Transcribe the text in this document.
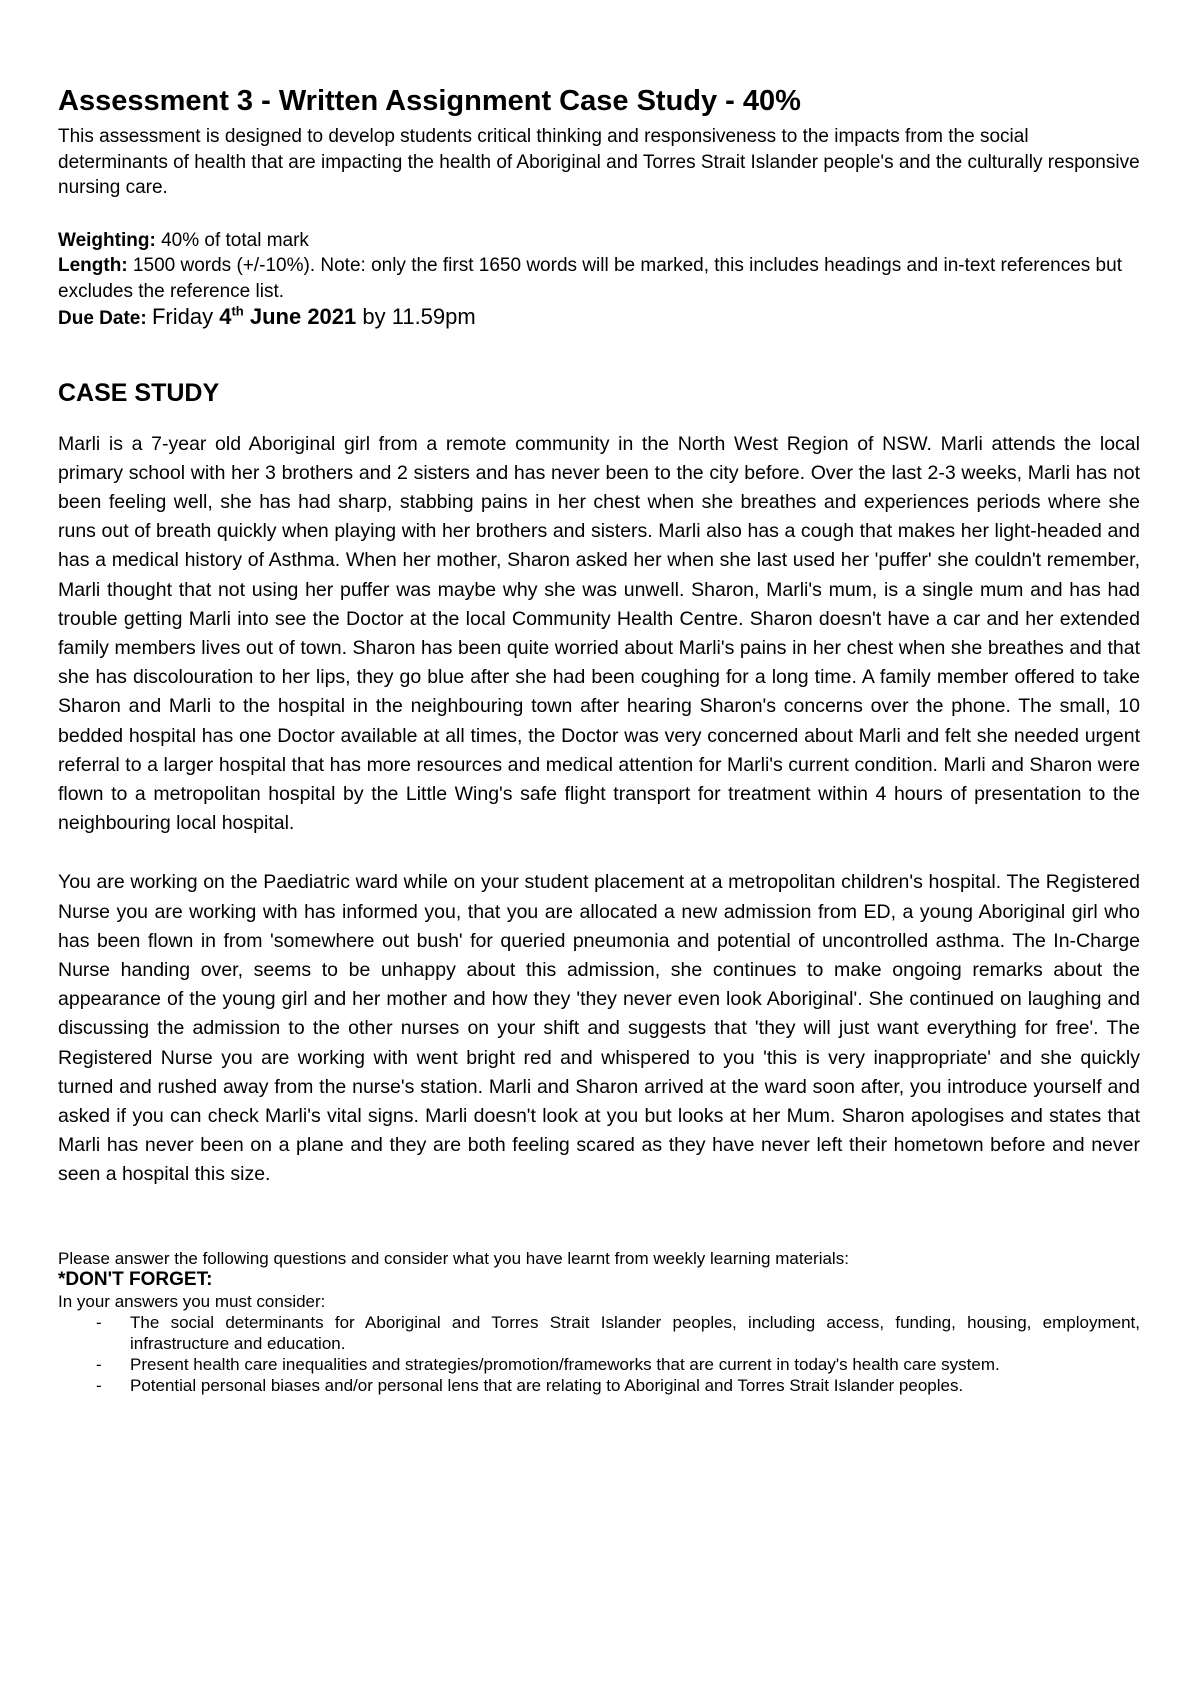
Assessment 3 - Written Assignment Case Study - 40%

This assessment is designed to develop students critical thinking and responsiveness to the impacts from the social determinants of health that are impacting the health of Aboriginal and Torres Strait Islander people's and the culturally responsive nursing care.

Weighting: 40% of total mark
Length: 1500 words (+/-10%). Note: only the first 1650 words will be marked, this includes headings and in-text references but excludes the reference list.
Due Date: Friday 4th June 2021 by 11.59pm
CASE STUDY

Marli is a 7-year old Aboriginal girl from a remote community in the North West Region of NSW. Marli attends the local primary school with her 3 brothers and 2 sisters and has never been to the city before. Over the last 2-3 weeks, Marli has not been feeling well, she has had sharp, stabbing pains in her chest when she breathes and experiences periods where she runs out of breath quickly when playing with her brothers and sisters. Marli also has a cough that makes her light-headed and has a medical history of Asthma. When her mother, Sharon asked her when she last used her 'puffer' she couldn't remember, Marli thought that not using her puffer was maybe why she was unwell. Sharon, Marli's mum, is a single mum and has had trouble getting Marli into see the Doctor at the local Community Health Centre. Sharon doesn't have a car and her extended family members lives out of town. Sharon has been quite worried about Marli's pains in her chest when she breathes and that she has discolouration to her lips, they go blue after she had been coughing for a long time. A family member offered to take Sharon and Marli to the hospital in the neighbouring town after hearing Sharon's concerns over the phone. The small, 10 bedded hospital has one Doctor available at all times, the Doctor was very concerned about Marli and felt she needed urgent referral to a larger hospital that has more resources and medical attention for Marli's current condition. Marli and Sharon were flown to a metropolitan hospital by the Little Wing's safe flight transport for treatment within 4 hours of presentation to the neighbouring local hospital.

You are working on the Paediatric ward while on your student placement at a metropolitan children's hospital. The Registered Nurse you are working with has informed you, that you are allocated a new admission from ED, a young Aboriginal girl who has been flown in from 'somewhere out bush' for queried pneumonia and potential of uncontrolled asthma. The In-Charge Nurse handing over, seems to be unhappy about this admission, she continues to make ongoing remarks about the appearance of the young girl and her mother and how they 'they never even look Aboriginal'. She continued on laughing and discussing the admission to the other nurses on your shift and suggests that 'they will just want everything for free'. The Registered Nurse you are working with went bright red and whispered to you 'this is very inappropriate' and she quickly turned and rushed away from the nurse's station. Marli and Sharon arrived at the ward soon after, you introduce yourself and asked if you can check Marli's vital signs. Marli doesn't look at you but looks at her Mum. Sharon apologises and states that Marli has never been on a plane and they are both feeling scared as they have never left their hometown before and never seen a hospital this size.

Please answer the following questions and consider what you have learnt from weekly learning materials:
*DON'T FORGET:
In your answers you must consider:
- The social determinants for Aboriginal and Torres Strait Islander peoples, including access, funding, housing, employment, infrastructure and education.
- Present health care inequalities and strategies/promotion/frameworks that are current in today's health care system.
- Potential personal biases and/or personal lens that are relating to Aboriginal and Torres Strait Islander peoples.
